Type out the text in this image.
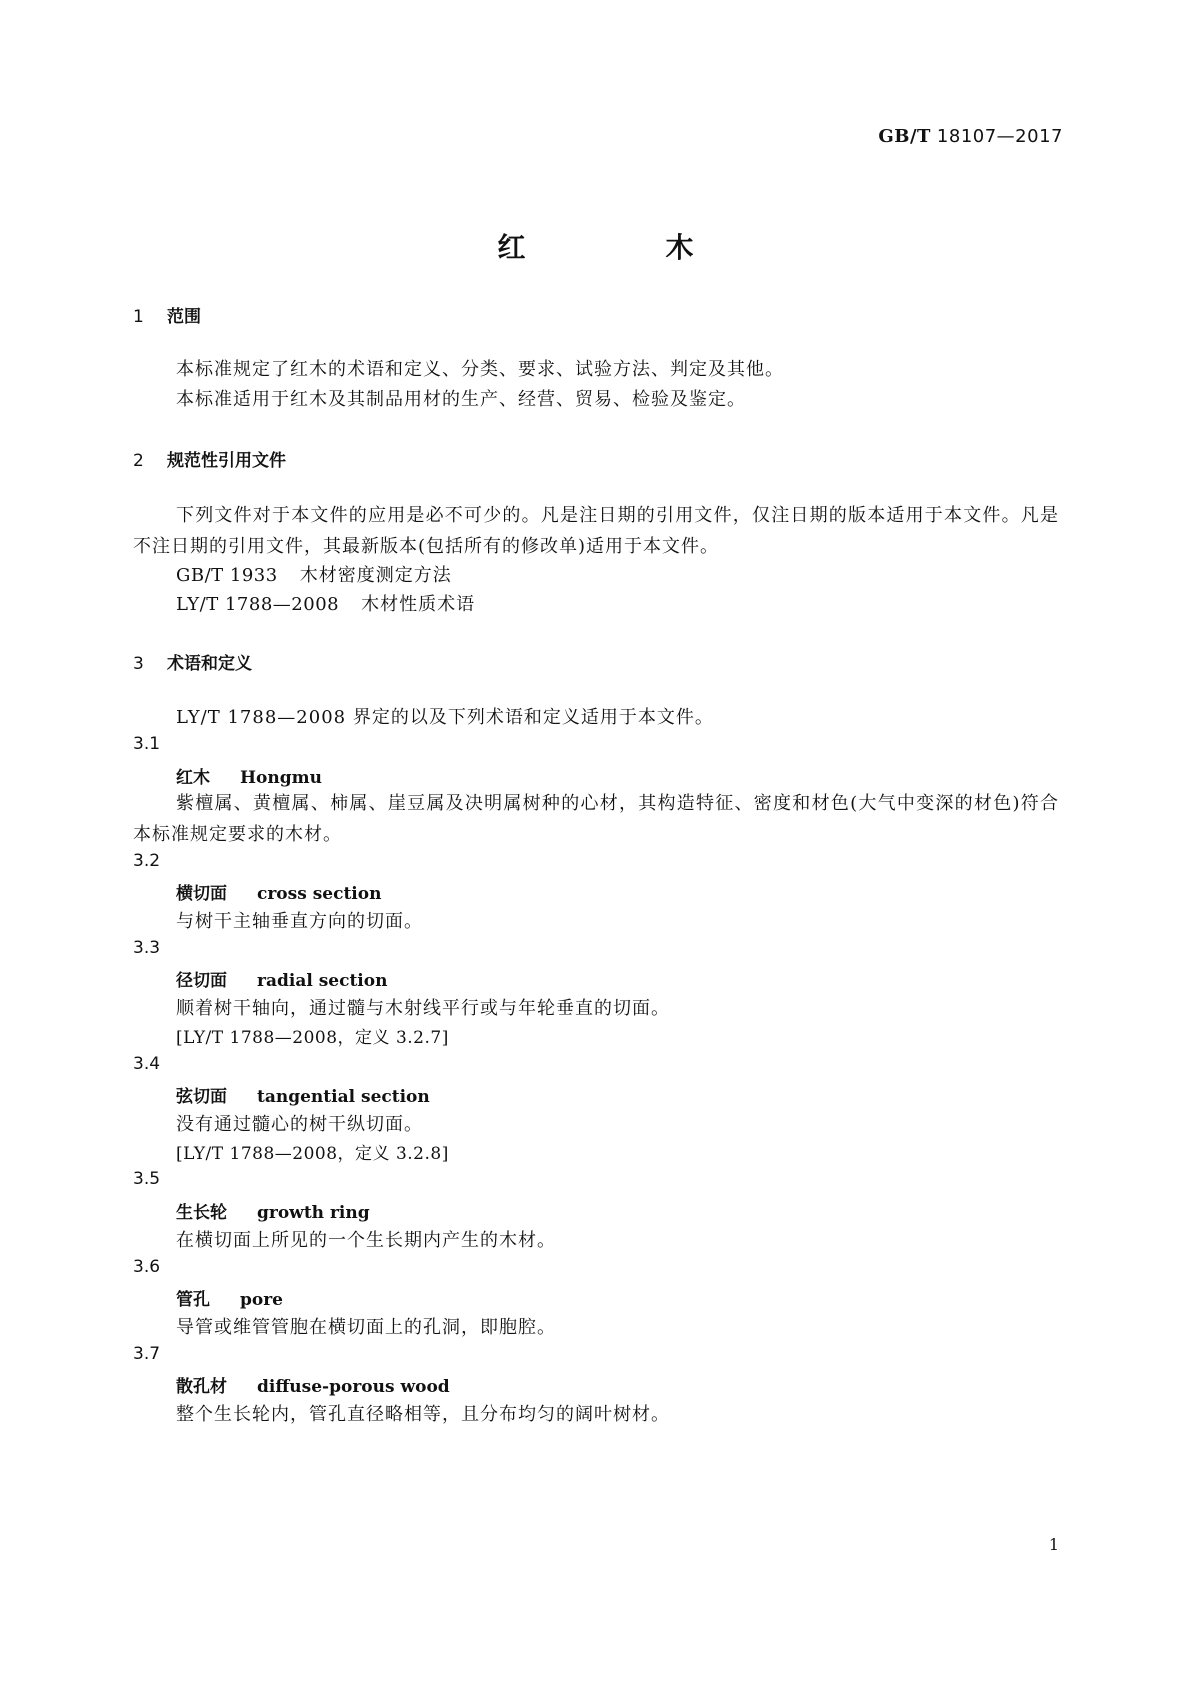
GB/T 18107—2017
红	木
1 范围
本标准规定了红木的术语和定义、分类、要求、试验方法、判定及其他。
本标准适用于红木及其制品用材的生产、经营、贸易、检验及鉴定。
2 规范性引用文件
下列文件对于本文件的应用是必不可少的。凡是注日期的引用文件，仅注日期的版本适用于本文件。凡是不注日期的引用文件，其最新版本(包括所有的修改单)适用于本文件。
GB/T 1933 木材密度测定方法
LY/T 1788—2008 木材性质术语
3 术语和定义
LY/T 1788—2008 界定的以及下列术语和定义适用于本文件。
3.1
红木 Hongmu
紫檀属、黄檀属、柿属、崖豆属及决明属树种的心材，其构造特征、密度和材色(大气中变深的材色)符合本标准规定要求的木材。
3.2
横切面 cross section
与树干主轴垂直方向的切面。
3.3
径切面 radial section
顺着树干轴向，通过髓与木射线平行或与年轮垂直的切面。
[LY/T 1788—2008，定义 3.2.7]
3.4
弦切面 tangential section
没有通过髓心的树干纵切面。
[LY/T 1788—2008，定义 3.2.8]
3.5
生长轮 growth ring
在横切面上所见的一个生长期内产生的木材。
3.6
管孔 pore
导管或维管管胞在横切面上的孔洞，即胞腔。
3.7
散孔材 diffuse-porous wood
整个生长轮内，管孔直径略相等，且分布均匀的阔叶树材。
1
